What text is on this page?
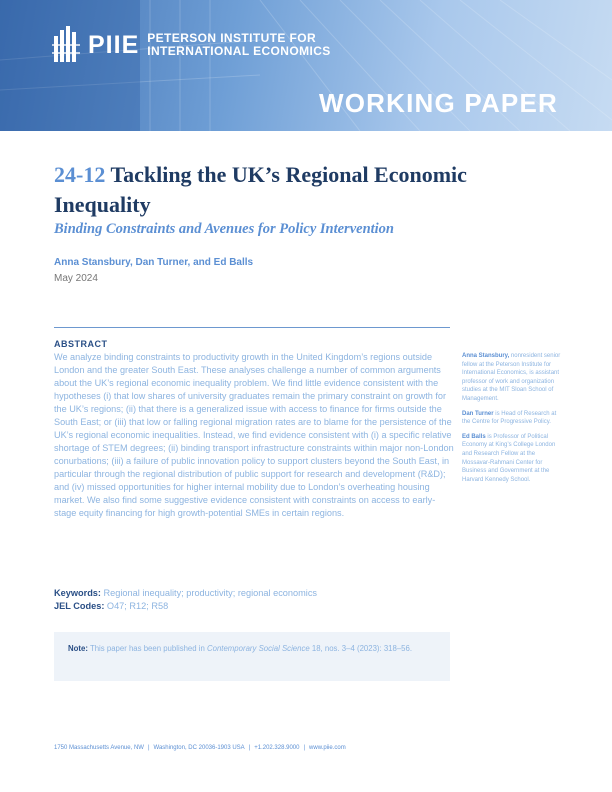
PIIE PETERSON INSTITUTE FOR
INTERNATIONAL ECONOMICS
WORKING PAPER
24-12 Tackling the UK’s Regional Economic Inequality
Binding Constraints and Avenues for Policy Intervention
Anna Stansbury, Dan Turner, and Ed Balls
May 2024
ABSTRACT
We analyze binding constraints to productivity growth in the United Kingdom’s regions outside London and the greater South East. These analyses challenge a number of common arguments about the UK’s regional economic inequality problem. We find little evidence consistent with the hypotheses (i) that low shares of university graduates remain the primary constraint on growth for the UK’s regions; (ii) that there is a generalized issue with access to finance for firms outside the South East; or (iii) that low or falling regional migration rates are to blame for the persistence of the UK’s regional economic inequalities. Instead, we find evidence consistent with (i) a specific relative shortage of STEM degrees; (ii) binding transport infrastructure constraints within major non-London conurbations; (iii) a failure of public innovation policy to support clusters beyond the South East, in particular through the regional distribution of public support for research and development (R&D); and (iv) missed opportunities for higher internal mobility due to London’s overheating housing market. We also find some suggestive evidence consistent with constraints on access to early-stage equity financing for high growth-potential SMEs in certain regions.

Anna Stansbury, nonresident senior fellow at the Peterson Institute for International Economics, is assistant professor of work and organization studies at the MIT Sloan School of Management.

Dan Turner is Head of Research at the Centre for Progressive Policy.

Ed Balls is Professor of Political Economy at King’s College London and Research Fellow at the Mossavar-Rahmani Center for Business and Government at the Harvard Kennedy School.

Keywords: Regional inequality; productivity; regional economics
JEL Codes: O47; R12; R58
Note: This paper has been published in Contemporary Social Science 18, nos. 3–4 (2023): 318–56.
1750 Massachusetts Avenue, NW | Washington, DC 20036-1903 USA | +1.202.328.9000 | www.piie.com
